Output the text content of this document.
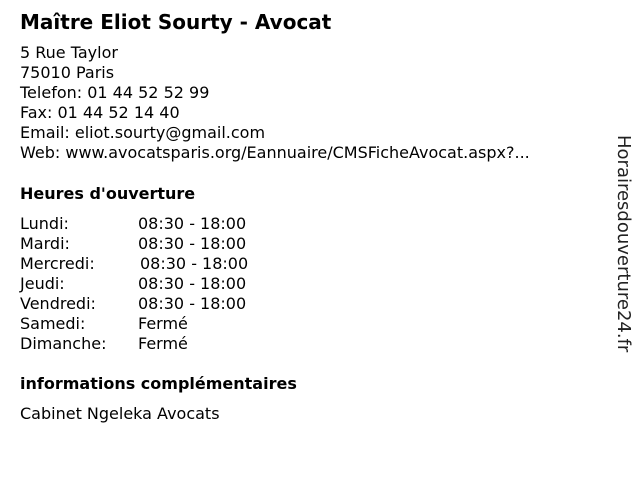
Maître Eliot Sourty - Avocat
5 Rue Taylor
75010 Paris
Telefon: 01 44 52 52 99
Fax: 01 44 52 14 40
Email: eliot.sourty@gmail.com
Web: www.avocatsparis.org/Eannuaire/CMSFicheAvocat.aspx?...
Heures d'ouverture
Lundi:	08:30 - 18:00
Mardi:	08:30 - 18:00
Mercredi:	08:30 - 18:00
Jeudi:	08:30 - 18:00
Vendredi:	08:30 - 18:00
Samedi:	Fermé
Dimanche: Fermé
informations complémentaires
Cabinet Ngeleka Avocats
Horairesdouverture24.fr
